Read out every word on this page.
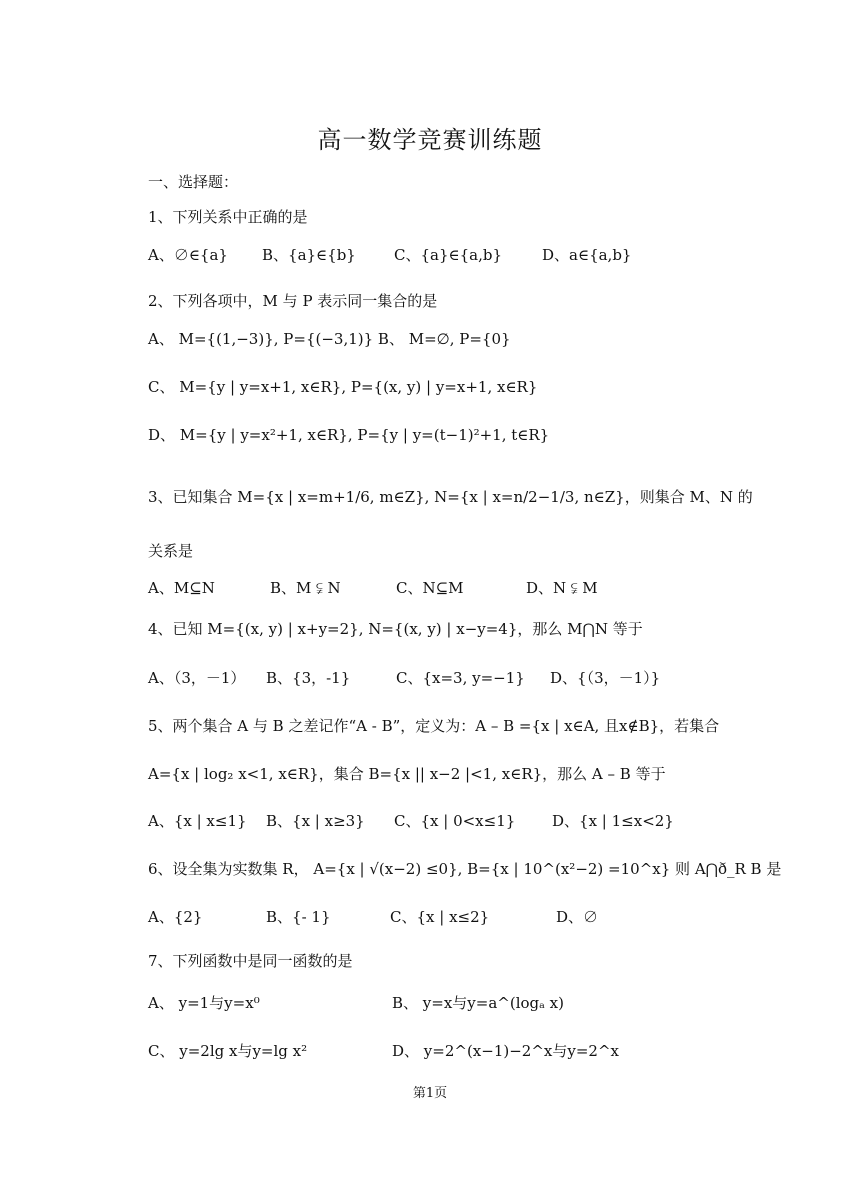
高一数学竞赛训练题
一、选择题：
1、下列关系中正确的是
A、∅∈{a}	B、{a}∈{b}	C、{a}∈{a,b}	D、a∈{a,b}
2、下列各项中，M 与 P 表示同一集合的是
A、 M={(1,−3)}, P={(−3,1)} B、 M=∅, P={0}
C、 M={y | y=x+1, x∈R}, P={(x, y) | y=x+1, x∈R}
D、 M={y | y=x²+1, x∈R}, P={y | y=(t−1)²+1, t∈R}
3、已知集合 M={x | x=m+1/6, m∈Z}, N={x | x=n/2−1/3, n∈Z}，则集合 M、N 的
关系是
A、M⊆N	B、M ⫋ N	C、N⊆M	D、N ⫋ M
4、已知 M={(x, y) | x+y=2}, N={(x, y) | x−y=4}，那么 M⋂N 等于
A、（3，－1）	B、{3，-1}	C、{x=3, y=−1}	D、{（3，－1）}
5、两个集合 A 与 B 之差记作“A - B”，定义为：A – B ={x | x∈A, 且x∉B}，若集合
A={x | log₂ x<1, x∈R}，集合 B={x || x−2 |<1, x∈R}，那么 A – B 等于
A、{x | x≤1}	B、{x | x≥3}	C、{x | 0<x≤1}	D、{x | 1≤x<2}
6、设全集为实数集 R， A={x | √(x−2) ≤0}, B={x | 10^(x²−2) =10^x} 则 A⋂ð_R B 是
A、{2}	B、{- 1}	C、{x | x≤2}	D、∅
7、下列函数中是同一函数的是
A、 y=1与y=x⁰	B、 y=x与y=a^(logₐ x)
C、 y=2lg x与y=lg x²	D、 y=2^(x−1)−2^x与y=2^x
第1页
